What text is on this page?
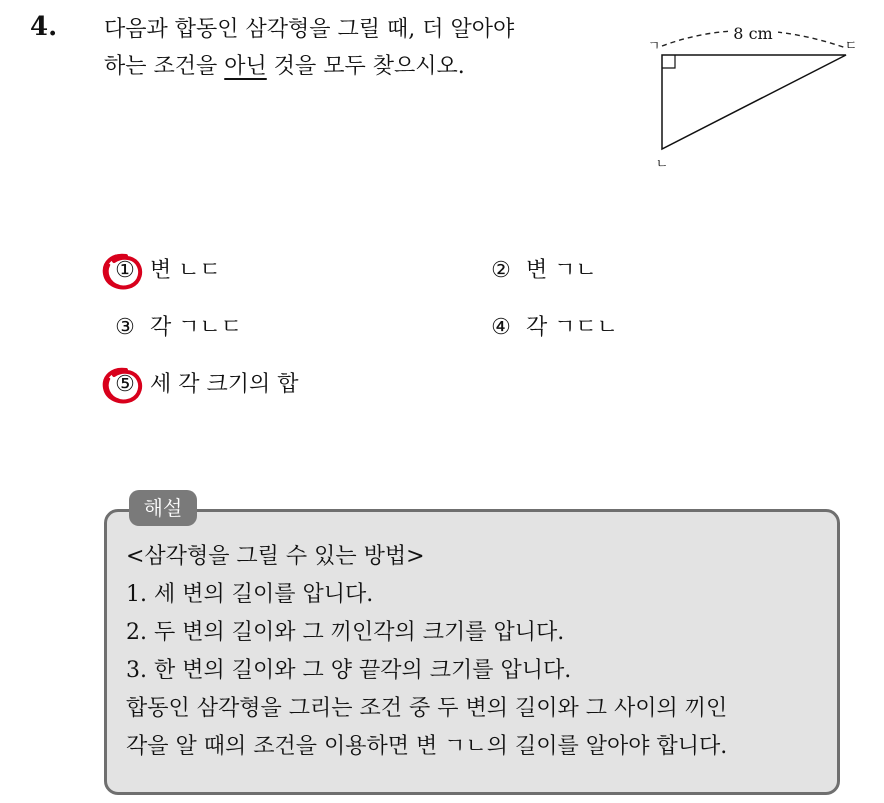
4. 다음과 합동인 삼각형을 그릴 때, 더 알아야
하는 조건을 아닌 것을 모두 찾으시오.
8 cm
ㄱ	ㄷ
ㄴ
① 변 ㄴㄷ	② 변 ㄱㄴ
③ 각 ㄱㄴㄷ	④ 각 ㄱㄷㄴ
⑤ 세 각 크기의 합
해설
<삼각형을 그릴 수 있는 방법>
1. 세 변의 길이를 압니다.
2. 두 변의 길이와 그 끼인각의 크기를 압니다.
3. 한 변의 길이와 그 양 끝각의 크기를 압니다.
합동인 삼각형을 그리는 조건 중 두 변의 길이와 그 사이의 끼인
각을 알 때의 조건을 이용하면 변 ㄱㄴ의 길이를 알아야 합니다.
